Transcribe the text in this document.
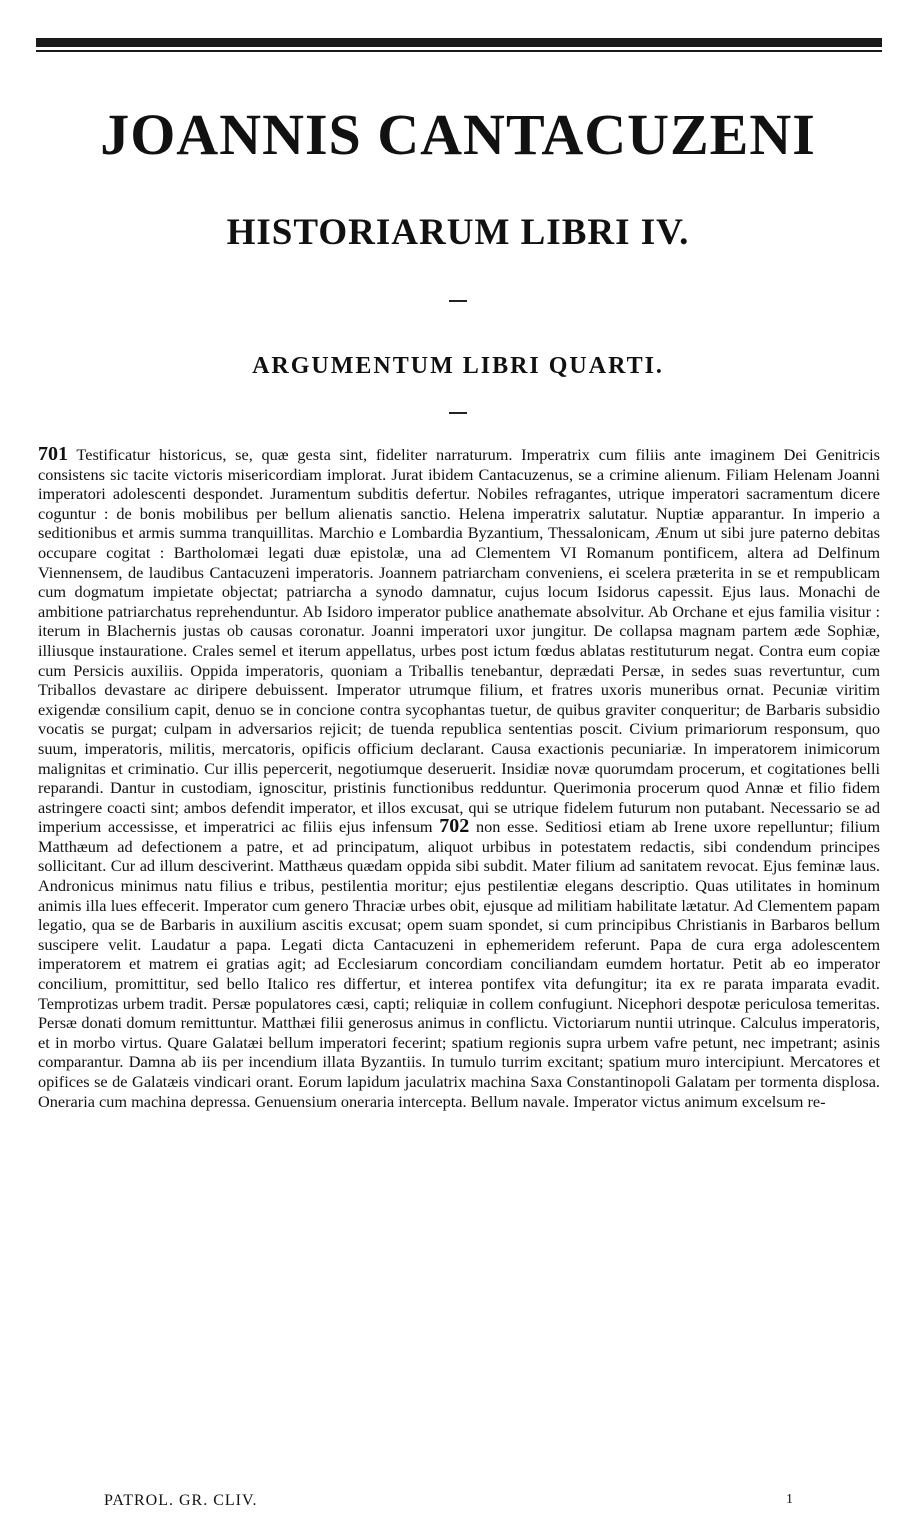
JOANNIS CANTACUZENI
HISTORIARUM LIBRI IV.
ARGUMENTUM LIBRI QUARTI.
701 Testificatur historicus, se, quæ gesta sint, fideliter narraturum. Imperatrix cum filiis ante imaginem Dei Genitricis consistens sic tacite victoris misericordiam implorat. Jurat ibidem Cantacuzenus, se a crimine alienum. Filiam Helenam Joanni imperatori adolescenti despondet. Juramentum subditis defertur. Nobiles refragantes, utrique imperatori sacramentum dicere coguntur : de bonis mobilibus per bellum alienatis sanctio. Helena imperatrix salutatur. Nuptiæ apparantur. In imperio a seditionibus et armis summa tranquillitas. Marchio e Lombardia Byzantium, Thessalonicam, Ænum ut sibi jure paterno debitas occupare cogitat : Bartholomæi legati duæ epistolæ, una ad Clementem VI Romanum pontificem, altera ad Delfinum Viennensem, de laudibus Cantacuzeni imperatoris. Joannem patriarcham conveniens, ei scelera præterita in se et rempublicam cum dogmatum impietate objectat; patriarcha a synodo damnatur, cujus locum Isidorus capessit. Ejus laus. Monachi de ambitione patriarchatus reprehenduntur. Ab Isidoro imperator publice anathemate absolvitur. Ab Orchane et ejus familia visitur : iterum in Blachernis justas ob causas coronatur. Joanni imperatori uxor jungitur. De collapsa magnam partem æde Sophiæ, illiusque instauratione. Crales semel et iterum appellatus, urbes post ictum fœdus ablatas restituturum negat. Contra eum copiæ cum Persicis auxiliis. Oppida imperatoris, quoniam a Triballis tenebantur, deprædati Persæ, in sedes suas revertuntur, cum Triballos devastare ac diripere debuissent. Imperator utrumque filium, et fratres uxoris muneribus ornat. Pecuniæ viritim exigendæ consilium capit, denuo se in concione contra sycophantas tuetur, de quibus graviter conqueritur; de Barbaris subsidio vocatis se purgat; culpam in adversarios rejicit; de tuenda republica sententias poscit. Civium primariorum responsum, quo suum, imperatoris, militis, mercatoris, opificis officium declarant. Causa exactionis pecuniariæ. In imperatorem inimicorum malignitas et criminatio. Cur illis pepercerit, negotiumque deseruerit. Insidiæ novæ quorumdam procerum, et cogitationes belli reparandi. Dantur in custodiam, ignoscitur, pristinis functionibus redduntur. Querimonia procerum quod Annæ et filio fidem astringere coacti sint; ambos defendit imperator, et illos excusat, qui se utrique fidelem futurum non putabant. Necessario se ad imperium accessisse, et imperatrici ac filiis ejus infensum 702 non esse. Seditiosi etiam ab Irene uxore repelluntur; filium Matthæum ad defectionem a patre, et ad principatum, aliquot urbibus in potestatem redactis, sibi condendum principes sollicitant. Cur ad illum desciverint. Matthæus quædam oppida sibi subdit. Mater filium ad sanitatem revocat. Ejus feminæ laus. Andronicus minimus natu filius e tribus, pestilentia moritur; ejus pestilentiæ elegans descriptio. Quas utilitates in hominum animis illa lues effecerit. Imperator cum genero Thraciæ urbes obit, ejusque ad militiam habilitate lætatur. Ad Clementem papam legatio, qua se de Barbaris in auxilium ascitis excusat; opem suam spondet, si cum principibus Christianis in Barbaros bellum suscipere velit. Laudatur a papa. Legati dicta Cantacuzeni in ephemeridem referunt. Papa de cura erga adolescentem imperatorem et matrem ei gratias agit; ad Ecclesiarum concordiam conciliandam eumdem hortatur. Petit ab eo imperator concilium, promittitur, sed bello Italico res differtur, et interea pontifex vita defungitur; ita ex re parata imparata evadit. Temprotizas urbem tradit. Persæ populatores cæsi, capti; reliquiæ in collem confugiunt. Nicephori despotæ periculosa temeritas. Persæ donati domum remittuntur. Matthæi filii generosus animus in conflictu. Victoriarum nuntii utrinque. Calculus imperatoris, et in morbo virtus. Quare Galatæi bellum imperatori fecerint; spatium regionis supra urbem vafre petunt, nec impetrant; asinis comparantur. Damna ab iis per incendium illata Byzantiis. In tumulo turrim excitant; spatium muro intercipiunt. Mercatores et opifices se de Galatæis vindicari orant. Eorum lapidum jaculatrix machina Saxa Constantinopoli Galatam per tormenta displosa. Oneraria cum machina depressa. Genuensium oneraria intercepta. Bellum navale. Imperator victus animum excelsum re-
PATROL. GR. CLIV.	1
